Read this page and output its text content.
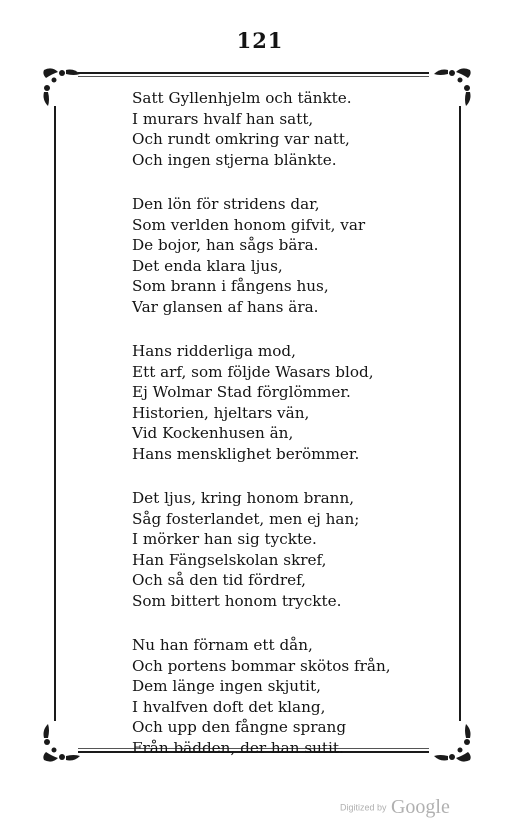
121
Satt Gyllenhjelm och tänkte.
I murars hvalf han satt,
Och rundt omkring var natt,
Och ingen stjerna blänkte.
Den lön för stridens dar,
Som verlden honom gifvit, var
De bojor, han sågs bära.
Det enda klara ljus,
Som brann i fångens hus,
Var glansen af hans ära.
Hans ridderliga mod,
Ett arf, som följde Wasars blod,
Ej Wolmar Stad förglömmer.
Historien, hjeltars vän,
Vid Kockenhusen än,
Hans mensklighet berömmer.
Det ljus, kring honom brann,
Såg fosterlandet, men ej han;
I mörker han sig tyckte.
Han Fängselskolan skref,
Och så den tid fördref,
Som bittert honom tryckte.
Nu han förnam ett dån,
Och portens bommar skötos från,
Dem länge ingen skjutit,
I hvalfven doft det klang,
Och upp den fångne sprang
Från bädden, der han sutit.
Digitized by Google
